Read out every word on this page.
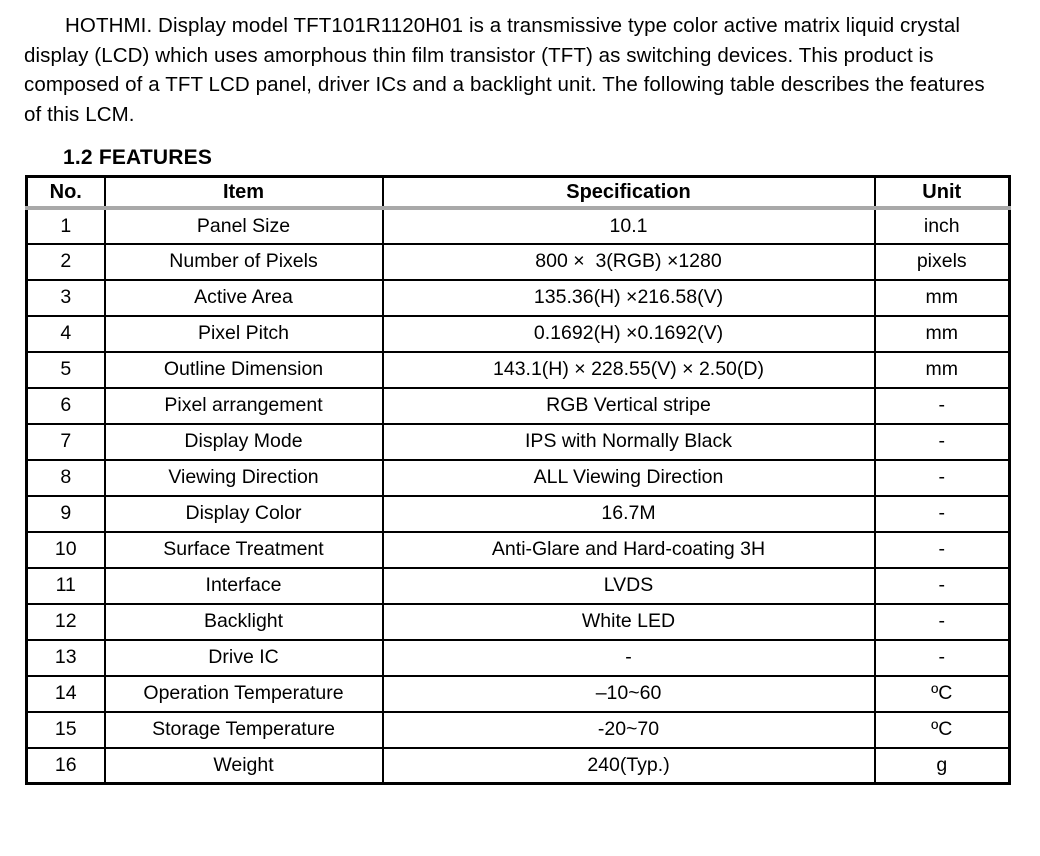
HOTHMI. Display model TFT101R1120H01 is a transmissive type color active matrix liquid crystal display (LCD) which uses amorphous thin film transistor (TFT) as switching devices. This product is composed of a TFT LCD panel, driver ICs and a backlight unit. The following table describes the features of this LCM.

1.2 FEATURES
No.	Item	Specification	Unit
1	Panel Size	10.1	inch
2	Number of Pixels	800 ×  3(RGB) ×1280	pixels
3	Active Area	135.36(H) ×216.58(V)	mm
4	Pixel Pitch	0.1692(H) ×0.1692(V)	mm
5	Outline Dimension	143.1(H) × 228.55(V) × 2.50(D)	mm
6	Pixel arrangement	RGB Vertical stripe	-
7	Display Mode	IPS with Normally Black	-
8	Viewing Direction	ALL Viewing Direction	-
9	Display Color	16.7M	-
10	Surface Treatment	Anti-Glare and Hard-coating 3H	-
11	Interface	LVDS	-
12	Backlight	White LED	-
13	Drive IC	-	-
14	Operation Temperature	–10~60	ºC
15	Storage Temperature	-20~70	ºC
16	Weight	240(Typ.)	g
